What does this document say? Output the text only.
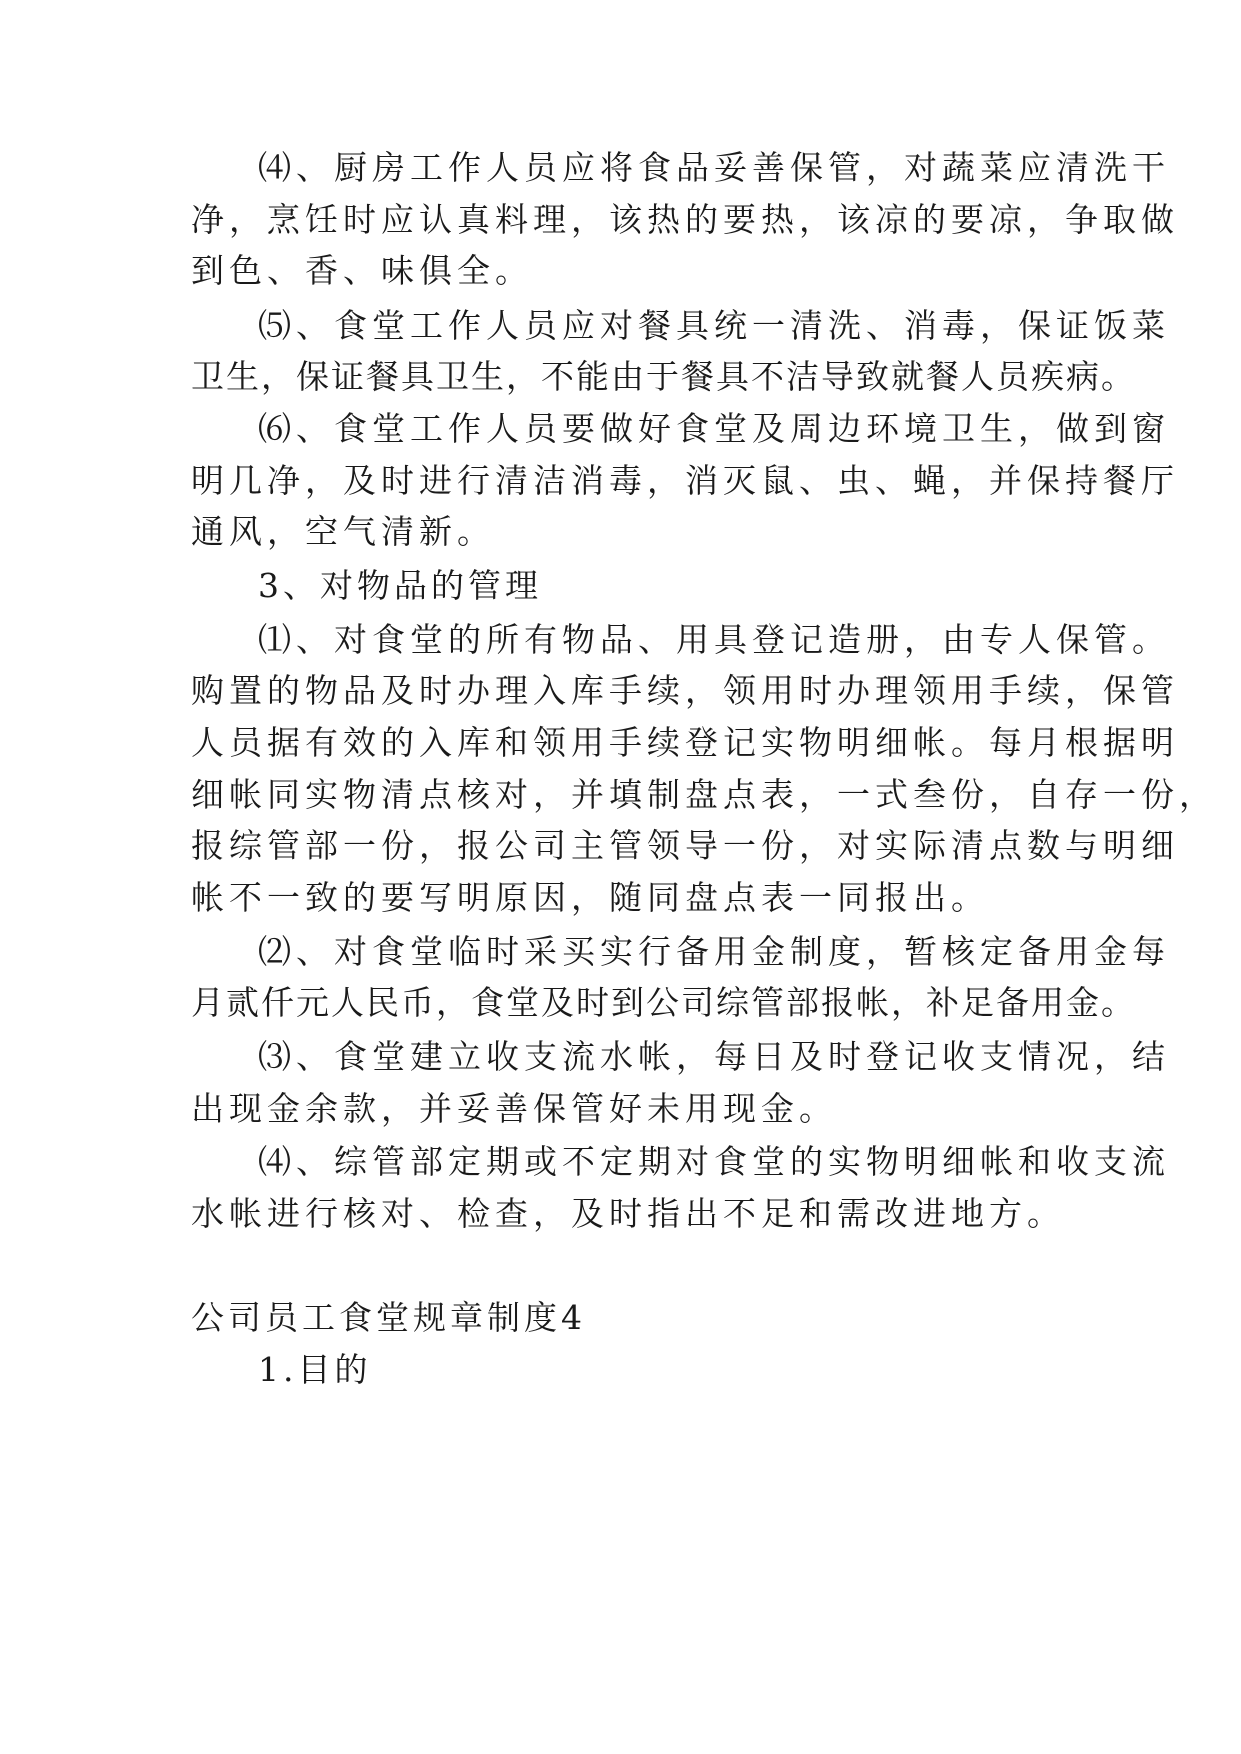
⑷、厨房工作人员应将食品妥善保管，对蔬菜应清洗干
净，烹饪时应认真料理，该热的要热，该凉的要凉，争取做
到色、香、味俱全。
⑸、食堂工作人员应对餐具统一清洗、消毒，保证饭菜
卫生，保证餐具卫生，不能由于餐具不洁导致就餐人员疾病。
⑹、食堂工作人员要做好食堂及周边环境卫生，做到窗
明几净，及时进行清洁消毒，消灭鼠、虫、蝇，并保持餐厅
通风，空气清新。
3、对物品的管理
⑴、对食堂的所有物品、用具登记造册，由专人保管。
购置的物品及时办理入库手续，领用时办理领用手续，保管
人员据有效的入库和领用手续登记实物明细帐。每月根据明
细帐同实物清点核对，并填制盘点表，一式叁份，自存一份，
报综管部一份，报公司主管领导一份，对实际清点数与明细
帐不一致的要写明原因，随同盘点表一同报出。
⑵、对食堂临时采买实行备用金制度，暂核定备用金每
月贰仟元人民币，食堂及时到公司综管部报帐，补足备用金。
⑶、食堂建立收支流水帐，每日及时登记收支情况，结
出现金余款，并妥善保管好未用现金。
⑷、综管部定期或不定期对食堂的实物明细帐和收支流
水帐进行核对、检查，及时指出不足和需改进地方。
公司员工食堂规章制度4
1.目的
